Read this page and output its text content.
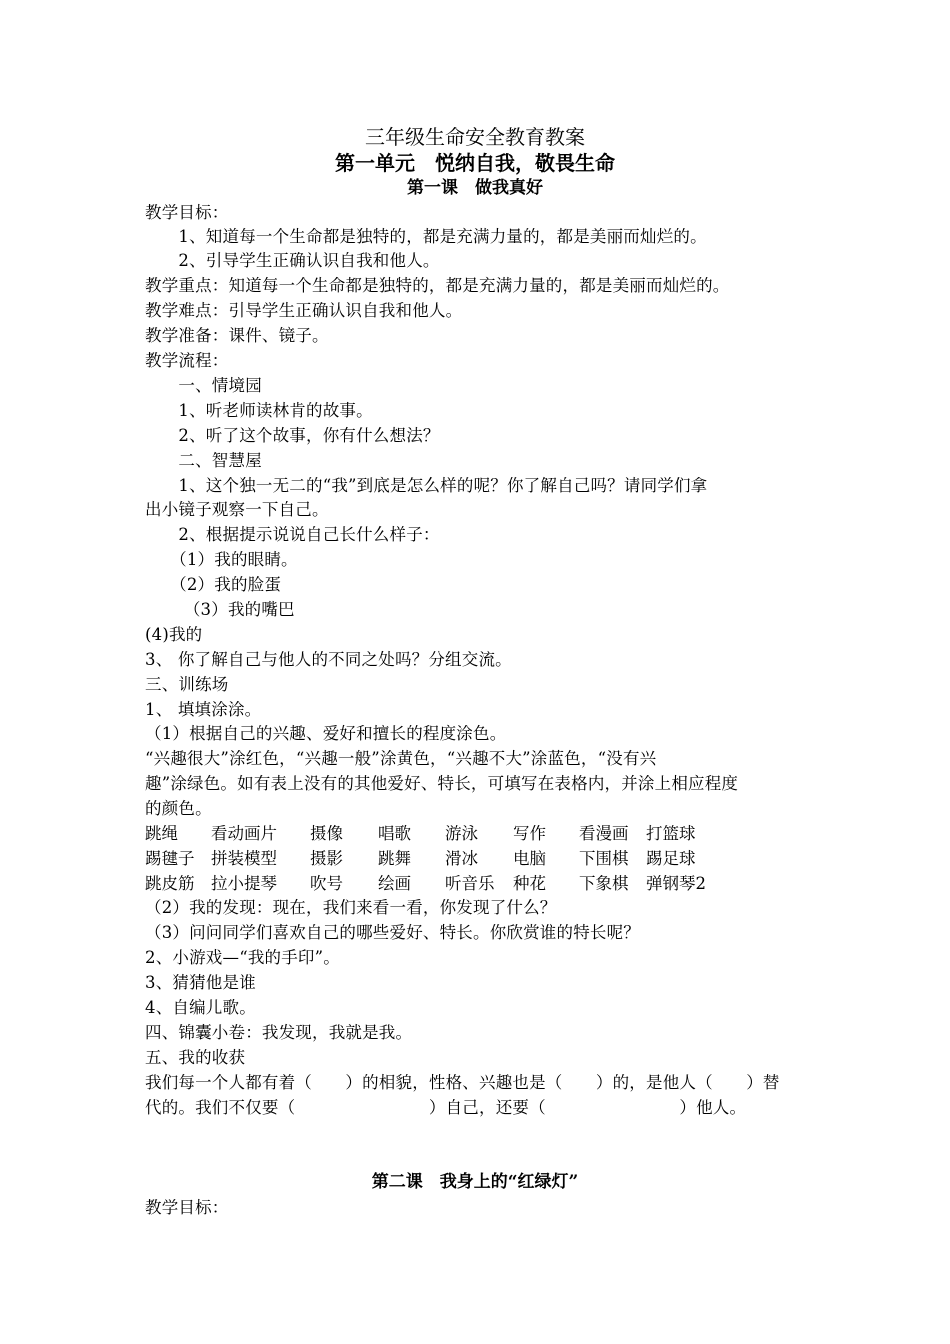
三年级生命安全教育教案
第一单元　悦纳自我，敬畏生命
第一课　做我真好
教学目标：
　　1、知道每一个生命都是独特的，都是充满力量的，都是美丽而灿烂的。
　　2、引导学生正确认识自我和他人。
教学重点：知道每一个生命都是独特的，都是充满力量的，都是美丽而灿烂的。
教学难点：引导学生正确认识自我和他人。
教学准备：课件、镜子。
教学流程：
　　一、情境园
　　1、听老师读林肯的故事。
　　2、听了这个故事，你有什么想法？
　　二、智慧屋
　　1、这个独一无二的“我”到底是怎么样的呢？你了解自己吗？请同学们拿
出小镜子观察一下自己。
　　2、根据提示说说自己长什么样子：
　　（1）我的眼睛。
　　（2）我的脸蛋
　　 （3）我的嘴巴
(4)我的
3、 你了解自己与他人的不同之处吗？分组交流。
三、训练场
1、 填填涂涂。
（1）根据自己的兴趣、爱好和擅长的程度涂色。
“兴趣很大”涂红色，“兴趣一般”涂黄色，“兴趣不大”涂蓝色，“没有兴
趣”涂绿色。如有表上没有的其他爱好、特长，可填写在表格内，并涂上相应程度
的颜色。
跳绳 看动画片 摄像 唱歌 游泳 写作 看漫画 打篮球
踢毽子 拼装模型 摄影 跳舞 滑冰 电脑 下围棋 踢足球
跳皮筋 拉小提琴 吹号 绘画 听音乐 种花 下象棋 弹钢琴2
（2）我的发现：现在，我们来看一看，你发现了什么？
（3）问问同学们喜欢自己的哪些爱好、特长。你欣赏谁的特长呢？
2、小游戏—“我的手印”。
3、猜猜他是谁
4、自编儿歌。
四、锦囊小卷：我发现，我就是我。
五、我的收获
我们每一个人都有着（　　）的相貌，性格、兴趣也是（　　）的，是他人（　　）替
代的。我们不仅要（　　　　　　　　）自己，还要（　　　　　　　　）他人。
第二课　我身上的“红绿灯”
教学目标：
